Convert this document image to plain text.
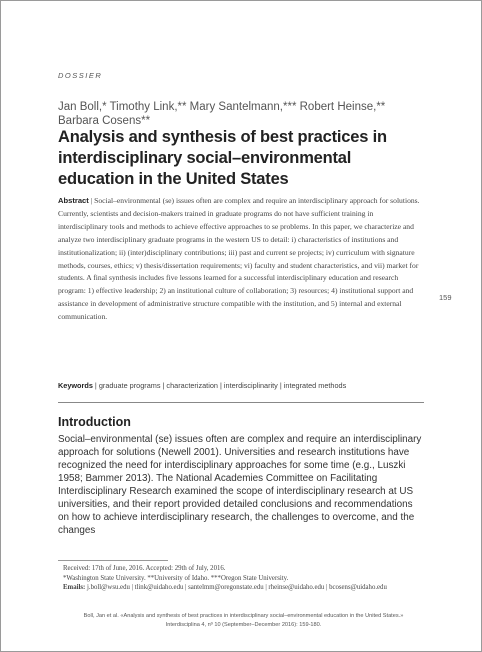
DOSSIER
Jan Boll,* Timothy Link,** Mary Santelmann,*** Robert Heinse,** Barbara Cosens**
Analysis and synthesis of best practices in interdisciplinary social–environmental education in the United States
Abstract | Social–environmental (se) issues often are complex and require an interdisciplinary approach for solutions. Currently, scientists and decision-makers trained in graduate programs do not have sufficient training in interdisciplinary tools and methods to achieve effective approaches to se problems. In this paper, we characterize and analyze two interdisciplinary graduate programs in the western US to detail: i) characteristics of institutions and institutionalization; ii) (inter)disciplinary contributions; iii) past and current se projects; iv) curriculum with signature methods, courses, ethics; v) thesis/dissertation requirements; vi) faculty and student characteristics, and vii) market for students. A final synthesis includes five lessons learned for a successful interdisciplinary education and research program: 1) effective leadership; 2) an institutional culture of collaboration; 3) resources; 4) institutional support and assistance in development of administrative structure compatible with the institution, and 5) internal and external communication.
159
Keywords | graduate programs | characterization | interdisciplinarity | integrated methods
Introduction
Social–environmental (se) issues often are complex and require an interdisciplinary approach for solutions (Newell 2001). Universities and research institutions have recognized the need for interdisciplinary approaches for some time (e.g., Luszki 1958; Bammer 2013). The National Academies Committee on Facilitating Interdisciplinary Research examined the scope of interdisciplinary research at US universities, and their report provided detailed conclusions and recommendations on how to achieve interdisciplinary research, the challenges to overcome, and the changes
Received: 17th of June, 2016. Accepted: 29th of July, 2016.
*Washington State University. **University of Idaho. ***Oregon State University.
Emails: j.boll@wsu.edu | tlink@uidaho.edu | santelmm@oregonstate.edu | rheinse@uidaho.edu | bcosens@uidaho.edu
Boll, Jan et al. «Analysis and synthesis of best practices in interdisciplinary social–environmental education in the United States.» Interdisciplina 4, nº 10 (September–December 2016): 159-180.
